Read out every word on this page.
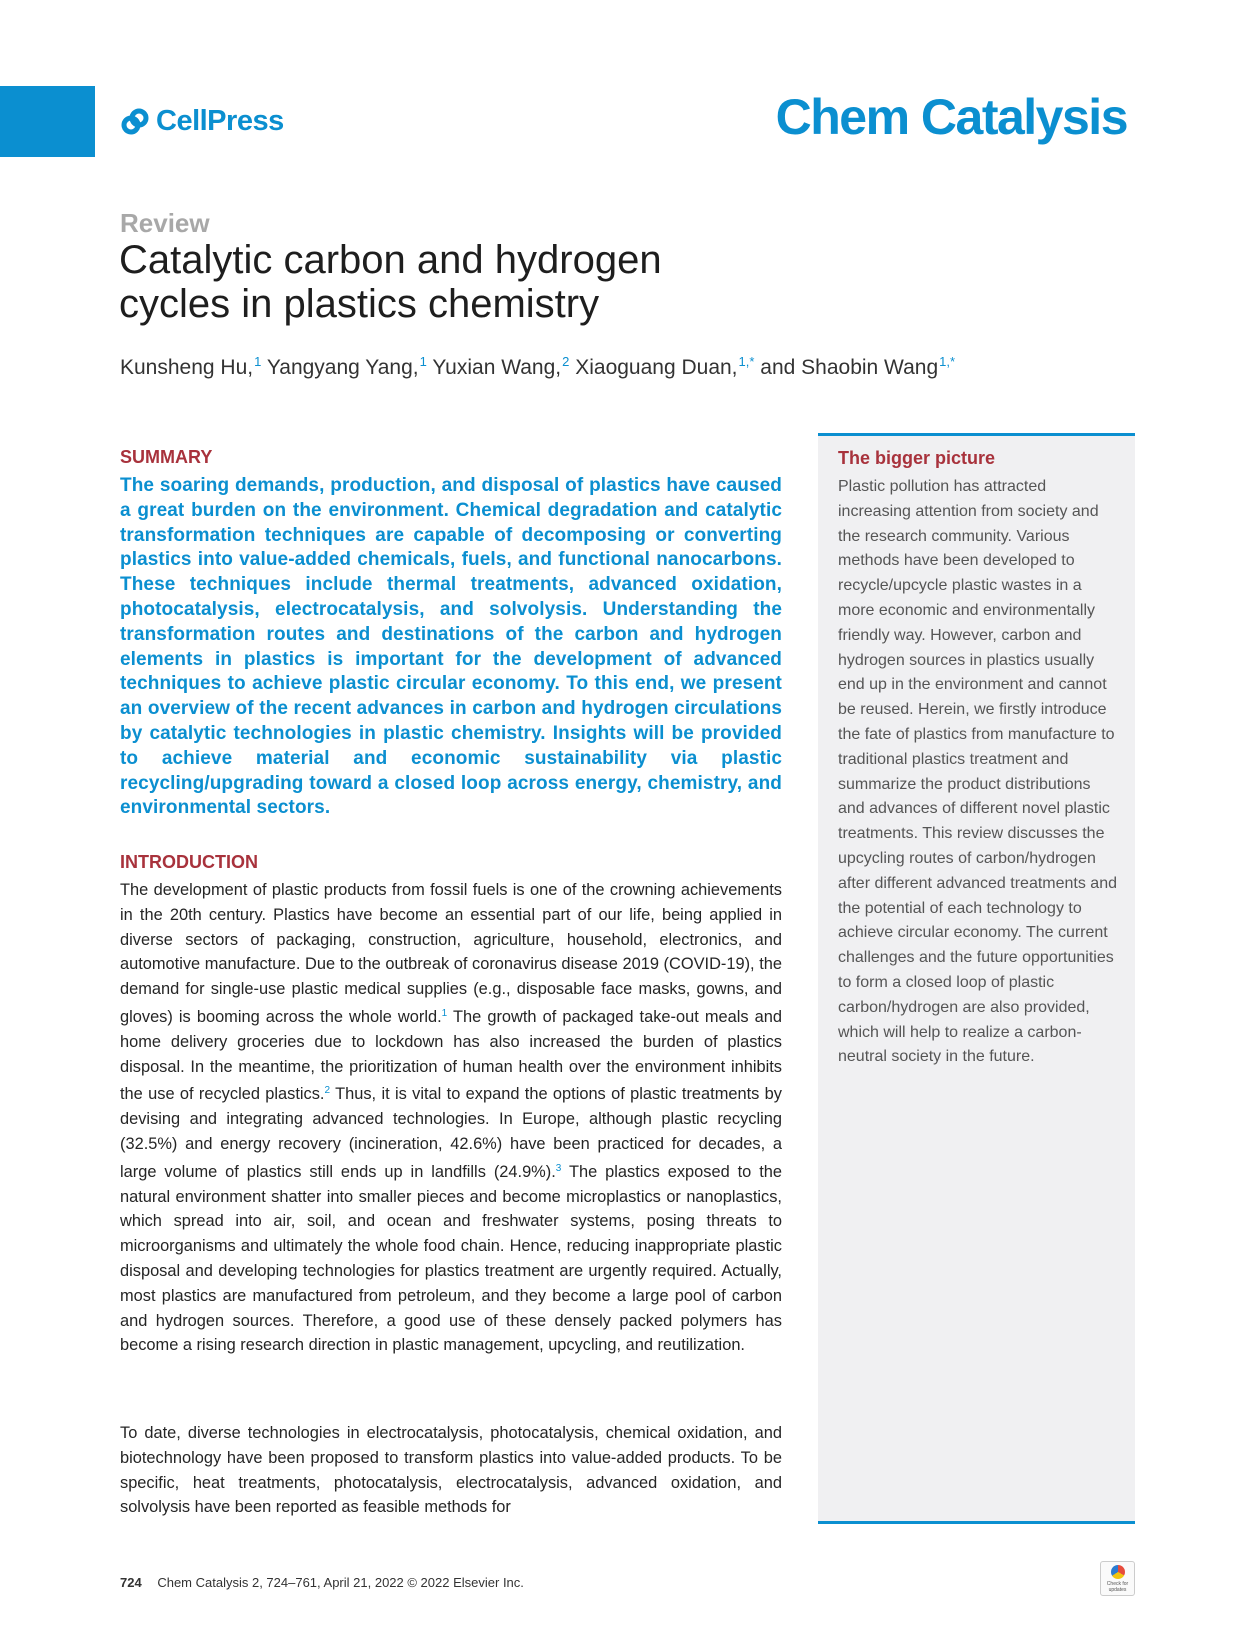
CellPress	Chem Catalysis
Review
Catalytic carbon and hydrogen
cycles in plastics chemistry
Kunsheng Hu,$^1$ Yangyang Yang,$^1$ Yuxian Wang,$^2$ Xiaoguang Duan,$^{1,*}$ and Shaobin Wang$^{1,*}$
SUMMARY
The soaring demands, production, and disposal of plastics have caused a great burden on the environment. Chemical degradation and catalytic transformation techniques are capable of decomposing or converting plastics into value-added chemicals, fuels, and functional nanocarbons. These techniques include thermal treatments, advanced oxidation, photocatalysis, electrocatalysis, and solvolysis. Understanding the transformation routes and destinations of the carbon and hydrogen elements in plastics is important for the development of advanced techniques to achieve plastic circular economy. To this end, we present an overview of the recent advances in carbon and hydrogen circulations by catalytic technologies in plastic chemistry. Insights will be provided to achieve material and economic sustainability via plastic recycling/upgrading toward a closed loop across energy, chemistry, and environmental sectors.
INTRODUCTION

The development of plastic products from fossil fuels is one of the crowning achievements in the 20th century. Plastics have become an essential part of our life, being applied in diverse sectors of packaging, construction, agriculture, household, electronics, and automotive manufacture. Due to the outbreak of coronavirus disease 2019 (COVID-19), the demand for single-use plastic medical supplies (e.g., disposable face masks, gowns, and gloves) is booming across the whole world.$^1$ The growth of packaged take-out meals and home delivery groceries due to lockdown has also increased the burden of plastics disposal. In the meantime, the prioritization of human health over the environment inhibits the use of recycled plastics.$^2$ Thus, it is vital to expand the options of plastic treatments by devising and integrating advanced technologies. In Europe, although plastic recycling (32.5%) and energy recovery (incineration, 42.6%) have been practiced for decades, a large volume of plastics still ends up in landfills (24.9%).$^3$ The plastics exposed to the natural environment shatter into smaller pieces and become microplastics or nanoplastics, which spread into air, soil, and ocean and freshwater systems, posing threats to microorganisms and ultimately the whole food chain. Hence, reducing inappropriate plastic disposal and developing technologies for plastics treatment are urgently required. Actually, most plastics are manufactured from petroleum, and they become a large pool of carbon and hydrogen sources. Therefore, a good use of these densely packed polymers has become a rising research direction in plastic management, upcycling, and reutilization.

To date, diverse technologies in electrocatalysis, photocatalysis, chemical oxidation, and biotechnology have been proposed to transform plastics into value-added products. To be specific, heat treatments, photocatalysis, electrocatalysis, advanced oxidation, and solvolysis have been reported as feasible methods for

The bigger picture
Plastic pollution has attracted increasing attention from society and the research community. Various methods have been developed to recycle/upcycle plastic wastes in a more economic and environmentally friendly way. However, carbon and hydrogen sources in plastics usually end up in the environment and cannot be reused. Herein, we firstly introduce the fate of plastics from manufacture to traditional plastics treatment and summarize the product distributions and advances of different novel plastic treatments. This review discusses the upcycling routes of carbon/hydrogen after different advanced treatments and the potential of each technology to achieve circular economy. The current challenges and the future opportunities to form a closed loop of plastic carbon/hydrogen are also provided, which will help to realize a carbon-neutral society in the future.
724 Chem Catalysis 2, 724–761, April 21, 2022 © 2022 Elsevier Inc.	Check for updates
